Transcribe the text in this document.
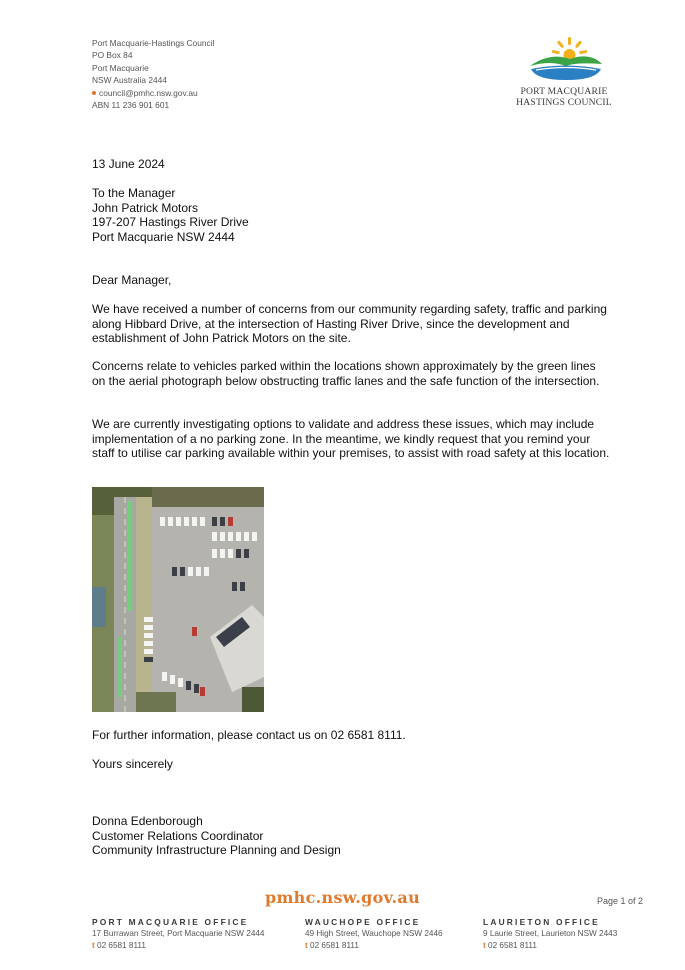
Port Macquarie-Hastings Council
PO Box 84
Port Macquarie
NSW Australia 2444
council@pmhc.nsw.gov.au
ABN 11 236 901 601
PORT MACQUARIE
HASTINGS COUNCIL
13 June 2024
To the Manager
John Patrick Motors
197-207 Hastings River Drive
Port Macquarie NSW 2444
Dear Manager,
We have received a number of concerns from our community regarding safety, traffic and parking along Hibbard Drive, at the intersection of Hasting River Drive, since the development and establishment of John Patrick Motors on the site.
Concerns relate to vehicles parked within the locations shown approximately by the green lines on the aerial photograph below obstructing traffic lanes and the safe function of the intersection.
We are currently investigating options to validate and address these issues, which may include implementation of a no parking zone. In the meantime, we kindly request that you remind your staff to utilise car parking available within your premises, to assist with road safety at this location.
For further information, please contact us on 02 6581 8111.
Yours sincerely
Donna Edenborough
Customer Relations Coordinator
Community Infrastructure Planning and Design
pmhc.nsw.gov.au	Page 1 of 2
PORT MACQUARIE OFFICE
17 Burrawan Street, Port Macquarie NSW 2444
t 02 6581 8111
WAUCHOPE OFFICE
49 High Street, Wauchope NSW 2446
t 02 6581 8111
LAURIETON OFFICE
9 Laurie Street, Laurieton NSW 2443
t 02 6581 8111
